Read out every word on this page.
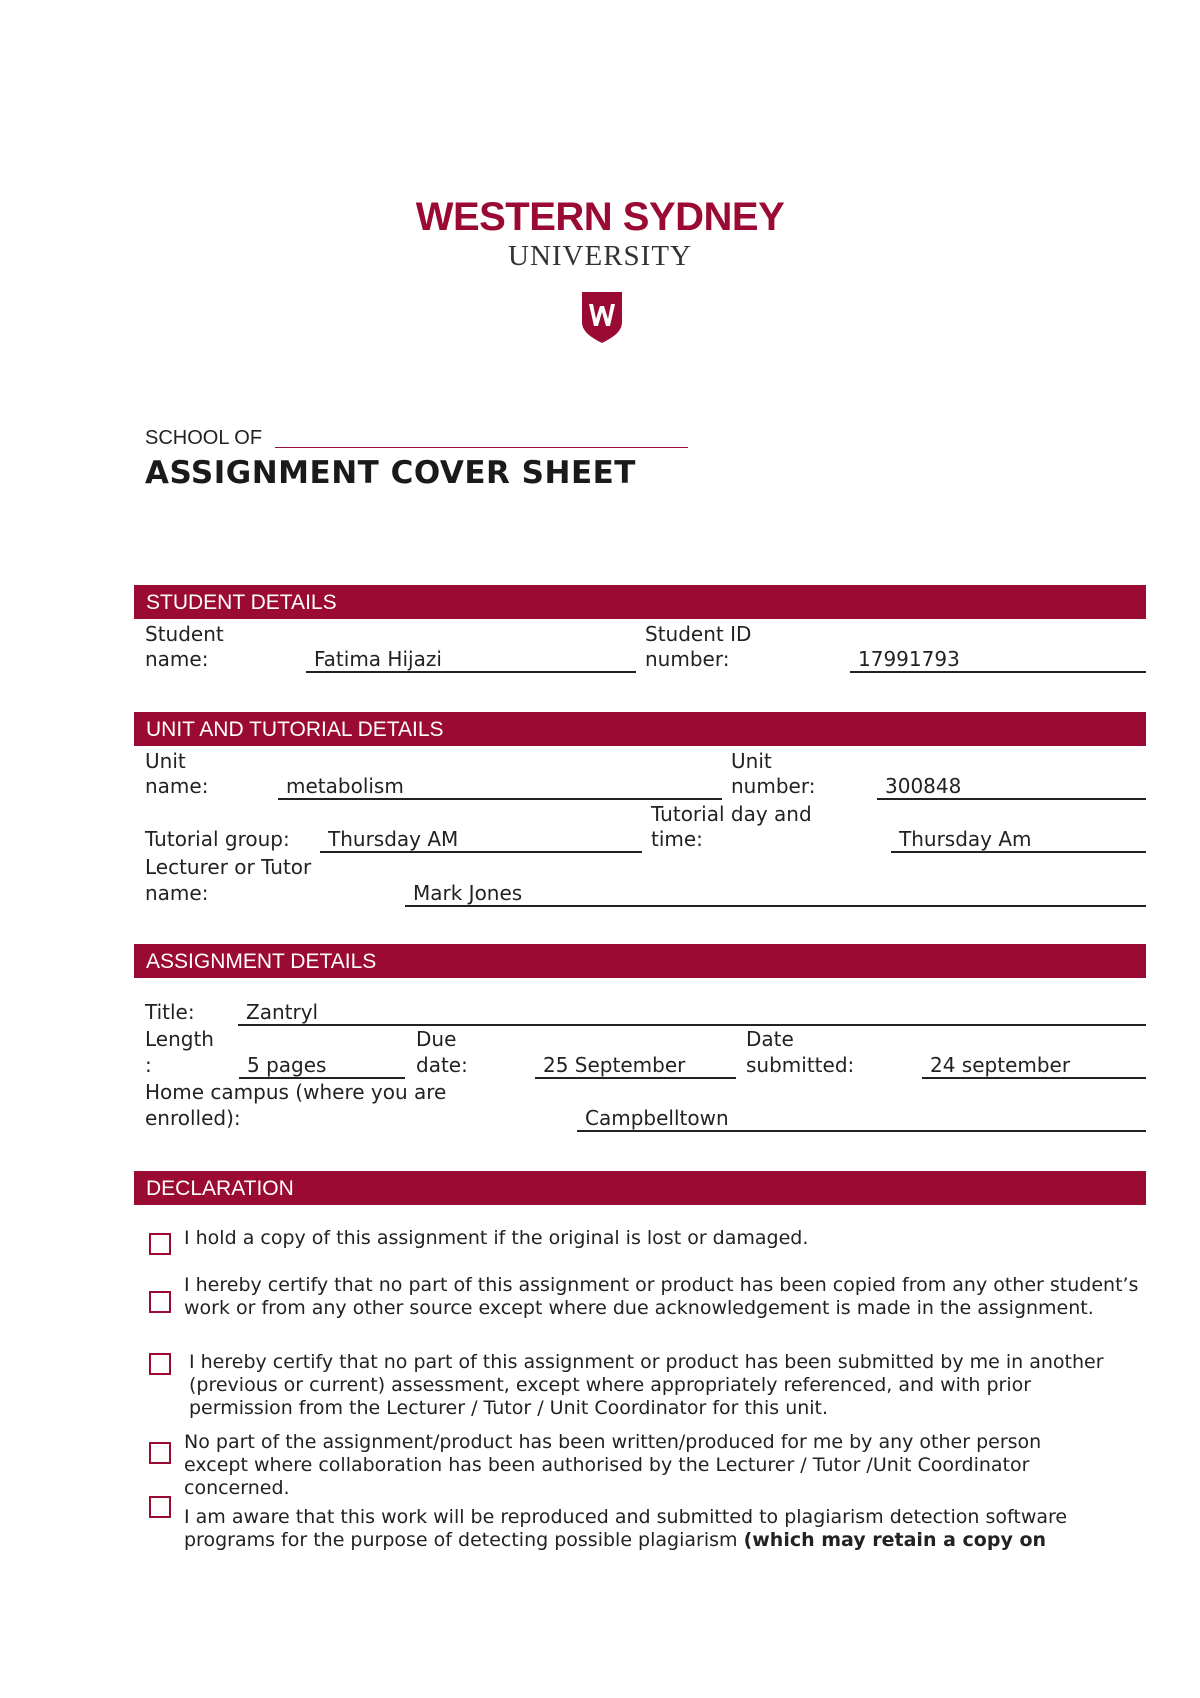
WESTERN SYDNEY
UNIVERSITY
SCHOOL OF
ASSIGNMENT COVER SHEET
STUDENT DETAILS
Student
name:	Fatima Hijazi
Student ID
number:	17991793
UNIT AND TUTORIAL DETAILS
Unit
name:	metabolism
Unit
number:	300848
Tutorial group:	Thursday AM
Tutorial day and
time:	Thursday Am
Lecturer or Tutor
name:	Mark Jones
ASSIGNMENT DETAILS
Title:	Zantryl
Length
:	5 pages
Due
date:	25 September
Date
submitted:	24 september
Home campus (where you are
enrolled):	Campbelltown
DECLARATION
I hold a copy of this assignment if the original is lost or damaged.
I hereby certify that no part of this assignment or product has been copied from any other student’s work or from any other source except where due acknowledgement is made in the assignment.
I hereby certify that no part of this assignment or product has been submitted by me in another (previous or current) assessment, except where appropriately referenced, and with prior permission from the Lecturer / Tutor / Unit Coordinator for this unit.
No part of the assignment/product has been written/produced for me by any other person except where collaboration has been authorised by the Lecturer / Tutor /Unit Coordinator concerned.
I am aware that this work will be reproduced and submitted to plagiarism detection software programs for the purpose of detecting possible plagiarism (which may retain a copy on
